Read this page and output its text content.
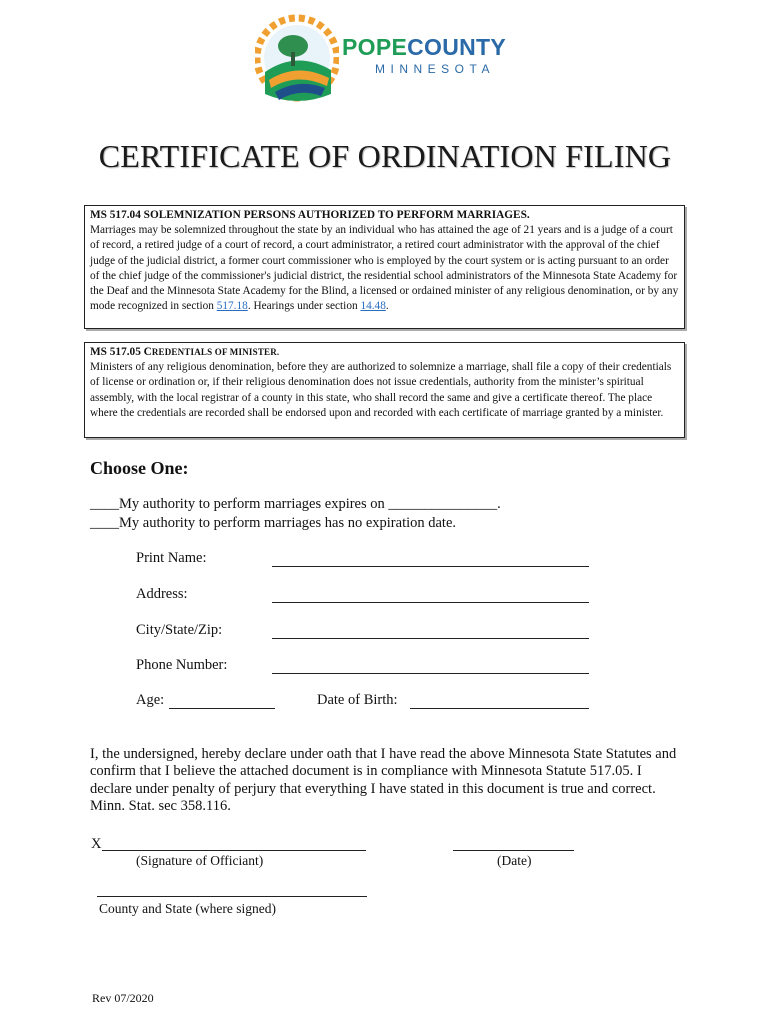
POPECOUNTY
MINNESOTA
CERTIFICATE OF ORDINATION FILING
MS 517.04 SOLEMNIZATION PERSONS AUTHORIZED TO PERFORM MARRIAGES.
Marriages may be solemnized throughout the state by an individual who has attained the age of 21 years and is a judge of a court of record, a retired judge of a court of record, a court administrator, a retired court administrator with the approval of the chief judge of the judicial district, a former court commissioner who is employed by the court system or is acting pursuant to an order of the chief judge of the commissioner's judicial district, the residential school administrators of the Minnesota State Academy for the Deaf and the Minnesota State Academy for the Blind, a licensed or ordained minister of any religious denomination, or by any mode recognized in section 517.18. Hearings under section 14.48.
MS 517.05 CREDENTIALS OF MINISTER.
Ministers of any religious denomination, before they are authorized to solemnize a marriage, shall file a copy of their credentials of license or ordination or, if their religious denomination does not issue credentials, authority from the minister’s spiritual assembly, with the local registrar of a county in this state, who shall record the same and give a certificate thereof. The place where the credentials are recorded shall be endorsed upon and recorded with each certificate of marriage granted by a minister.
Choose One:
____My authority to perform marriages expires on _______________.
____My authority to perform marriages has no expiration date.
Print Name:
Address:
City/State/Zip:
Phone Number:
Age:	Date of Birth:
I, the undersigned, hereby declare under oath that I have read the above Minnesota State Statutes and confirm that I believe the attached document is in compliance with Minnesota Statute 517.05. I declare under penalty of perjury that everything I have stated in this document is true and correct. Minn. Stat. sec 358.116.
X
(Signature of Officiant)	(Date)
County and State (where signed)
Rev 07/2020
